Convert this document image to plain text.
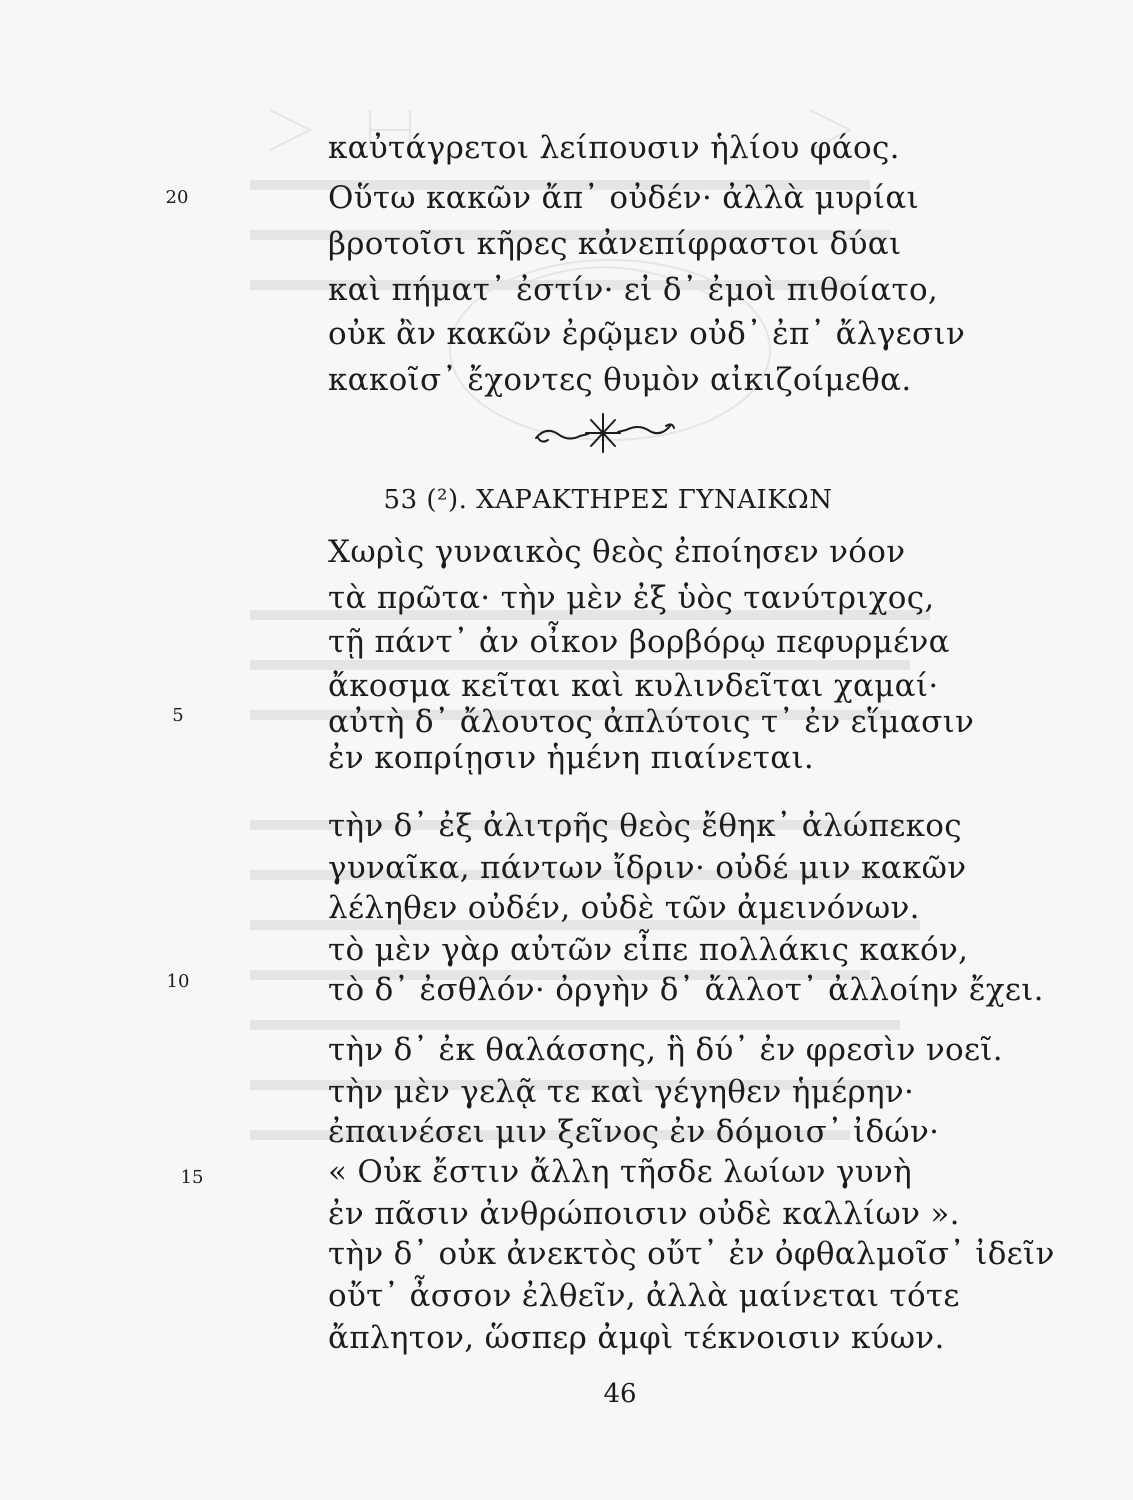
καὐτάγρετοι λείπουσιν ἡλίου φάος.
Οὕτω κακῶν ἄπ᾽ οὐδέν· ἀλλὰ μυρίαι
βροτοῖσι κῆρες κἀνεπίφραστοι δύαι
καὶ πήματ᾽ ἐστίν· εἰ δ᾽ ἐμοὶ πιθοίατο,
οὐκ ἂν κακῶν ἐρῷμεν οὐδ᾽ ἐπ᾽ ἄλγεσιν
κακοῖσ᾽ ἔχοντες θυμὸν αἰκιζοίμεθα.
20
53 (²). ΧΑΡΑΚΤΗΡΕΣ ΓΥΝΑΙΚΩΝ
Χωρὶς γυναικὸς θεὸς ἐποίησεν νόον
τὰ πρῶτα· τὴν μὲν ἐξ ὑὸς τανύτριχος,
τῇ πάντ᾽ ἀν οἶκον βορβόρῳ πεφυρμένα
ἄκοσμα κεῖται καὶ κυλινδεῖται χαμαί·
αὐτὴ δ᾽ ἄλουτος ἀπλύτοις τ᾽ ἐν εἵμασιν
ἐν κοπρίῃσιν ἡμένη πιαίνεται.
5
τὴν δ᾽ ἐξ ἀλιτρῆς θεὸς ἔθηκ᾽ ἀλώπεκος
γυναῖκα, πάντων ἴδριν· οὐδέ μιν κακῶν
λέληθεν οὐδέν, οὐδὲ τῶν ἀμεινόνων.
τὸ μὲν γὰρ αὐτῶν εἶπε πολλάκις κακόν,
τὸ δ᾽ ἐσθλόν· ὀργὴν δ᾽ ἄλλοτ᾽ ἀλλοίην ἔχει.
10
τὴν δ᾽ ἐκ θαλάσσης, ἣ δύ᾽ ἐν φρεσὶν νοεῖ.
τὴν μὲν γελᾷ τε καὶ γέγηθεν ἡμέρην·
ἐπαινέσει μιν ξεῖνος ἐν δόμοισ᾽ ἰδών·
« Οὐκ ἔστιν ἄλλη τῆσδε λωίων γυνὴ
ἐν πᾶσιν ἀνθρώποισιν οὐδὲ καλλίων ».
τὴν δ᾽ οὐκ ἀνεκτὸς οὔτ᾽ ἐν ὀφθαλμοῖσ᾽ ἰδεῖν
οὔτ᾽ ἆσσον ἐλθεῖν, ἀλλὰ μαίνεται τότε
ἄπλητον, ὥσπερ ἀμφὶ τέκνοισιν κύων.
15
46
